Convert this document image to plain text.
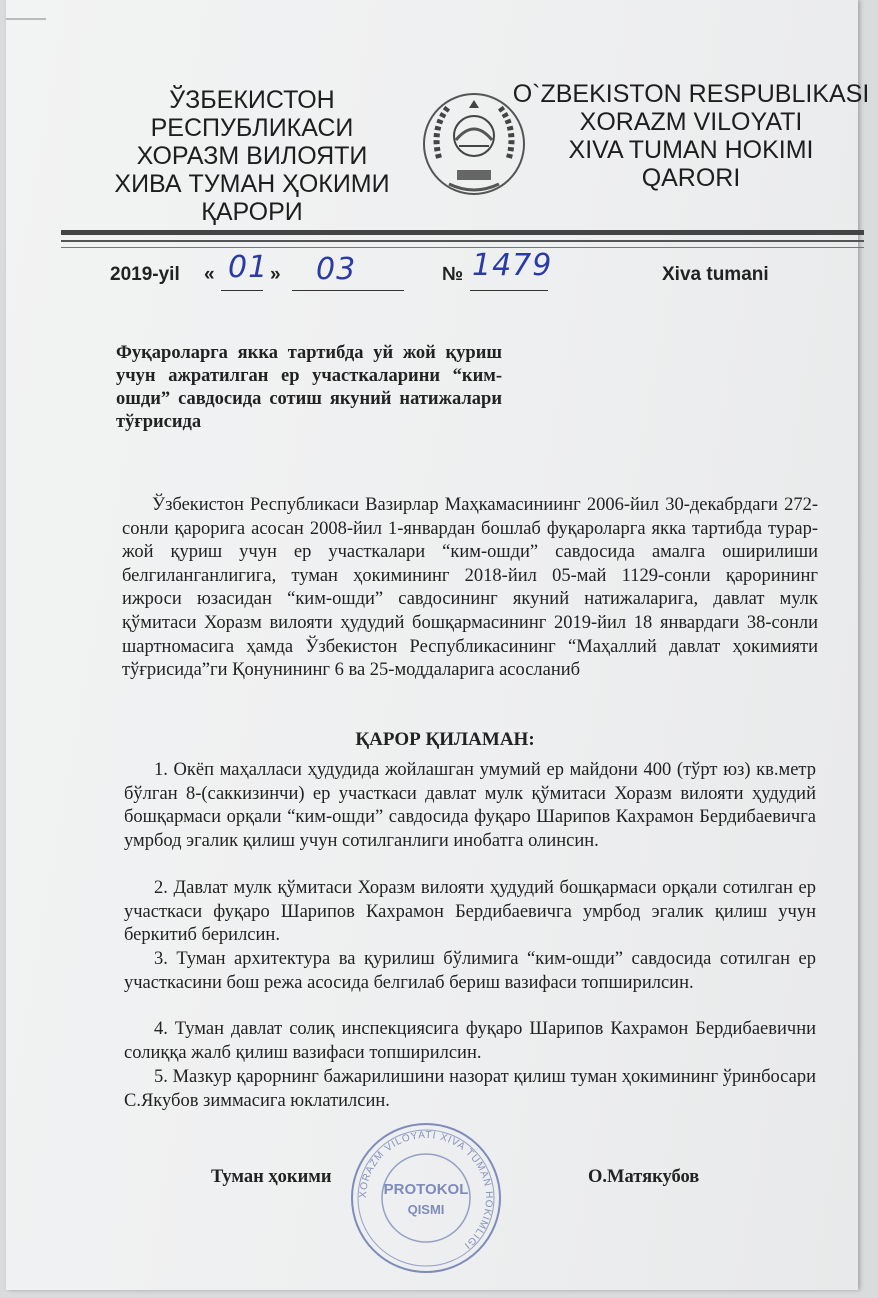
ЎЗБЕКИСТОН РЕСПУБЛИКАСИ
ХОРАЗМ ВИЛОЯТИ
ХИВА ТУМАН ҲОКИМИ
ҚАРОРИ
O`ZBEKISTON RESPUBLIKASI
XORAZM VILOYATI
XIVA TUMAN HOKIMI
QARORI
2019-yil « 01 » 03	№ 1479	Xiva tumani
Фуқароларга якка тартибда уй жой қуриш учун ажратилган ер участкаларини “ким-ошди” савдосида сотиш якуний натижалари тўғрисида
Ўзбекистон Республикаси Вазирлар Маҳкамасиниинг 2006-йил 30-декабрдаги 272-сонли қарорига асосан 2008-йил 1-январдан бошлаб фуқароларга якка тартибда турар-жой қуриш учун ер участкалари “ким-ошди” савдосида амалга оширилиши белгиланганлигига, туман ҳокимининг 2018-йил 05-май 1129-сонли қарорининг ижроси юзасидан “ким-ошди” савдосининг якуний натижаларига, давлат мулк қўмитаси Хоразм вилояти ҳудудий бошқармасининг 2019-йил 18 январдаги 38-сонли шартномасига ҳамда Ўзбекистон Республикасининг “Маҳаллий давлат ҳокимияти тўғрисида”ги Қонунининг 6 ва 25-моддаларига асосланиб
ҚАРОР ҚИЛАМАН:
1. Окёп маҳалласи ҳудудида жойлашган умумий ер майдони 400 (тўрт юз) кв.метр бўлган 8-(саккизинчи) ер участкаси давлат мулк қўмитаси Хоразм вилояти ҳудудий бошқармаси орқали “ким-ошди” савдосида фуқаро Шарипов Кахрамон Бердибаевичга умрбод эгалик қилиш учун сотилганлиги инобатга олинсин.
2. Давлат мулк қўмитаси Хоразм вилояти ҳудудий бошқармаси орқали сотилган ер участкаси фуқаро Шарипов Кахрамон Бердибаевичга умрбод эгалик қилиш учун беркитиб берилсин.
3. Туман архитектура ва қурилиш бўлимига “ким-ошди” савдосида сотилган ер участкасини бош режа асосида белгилаб бериш вазифаси топширилсин.
4. Туман давлат солиқ инспекциясига фуқаро Шарипов Кахрамон Бердибаевични солиққа жалб қилиш вазифаси топширилсин.
5. Мазкур қарорнинг бажарилишини назорат қилиш туман ҳокимининг ўринбосари С.Якубов зиммасига юклатилсин.
Туман ҳокими	О.Матякубов
XORAZM VILOYATI XIVA TUMAN HOKIMLIGI
PROTOKOL
QISMI
